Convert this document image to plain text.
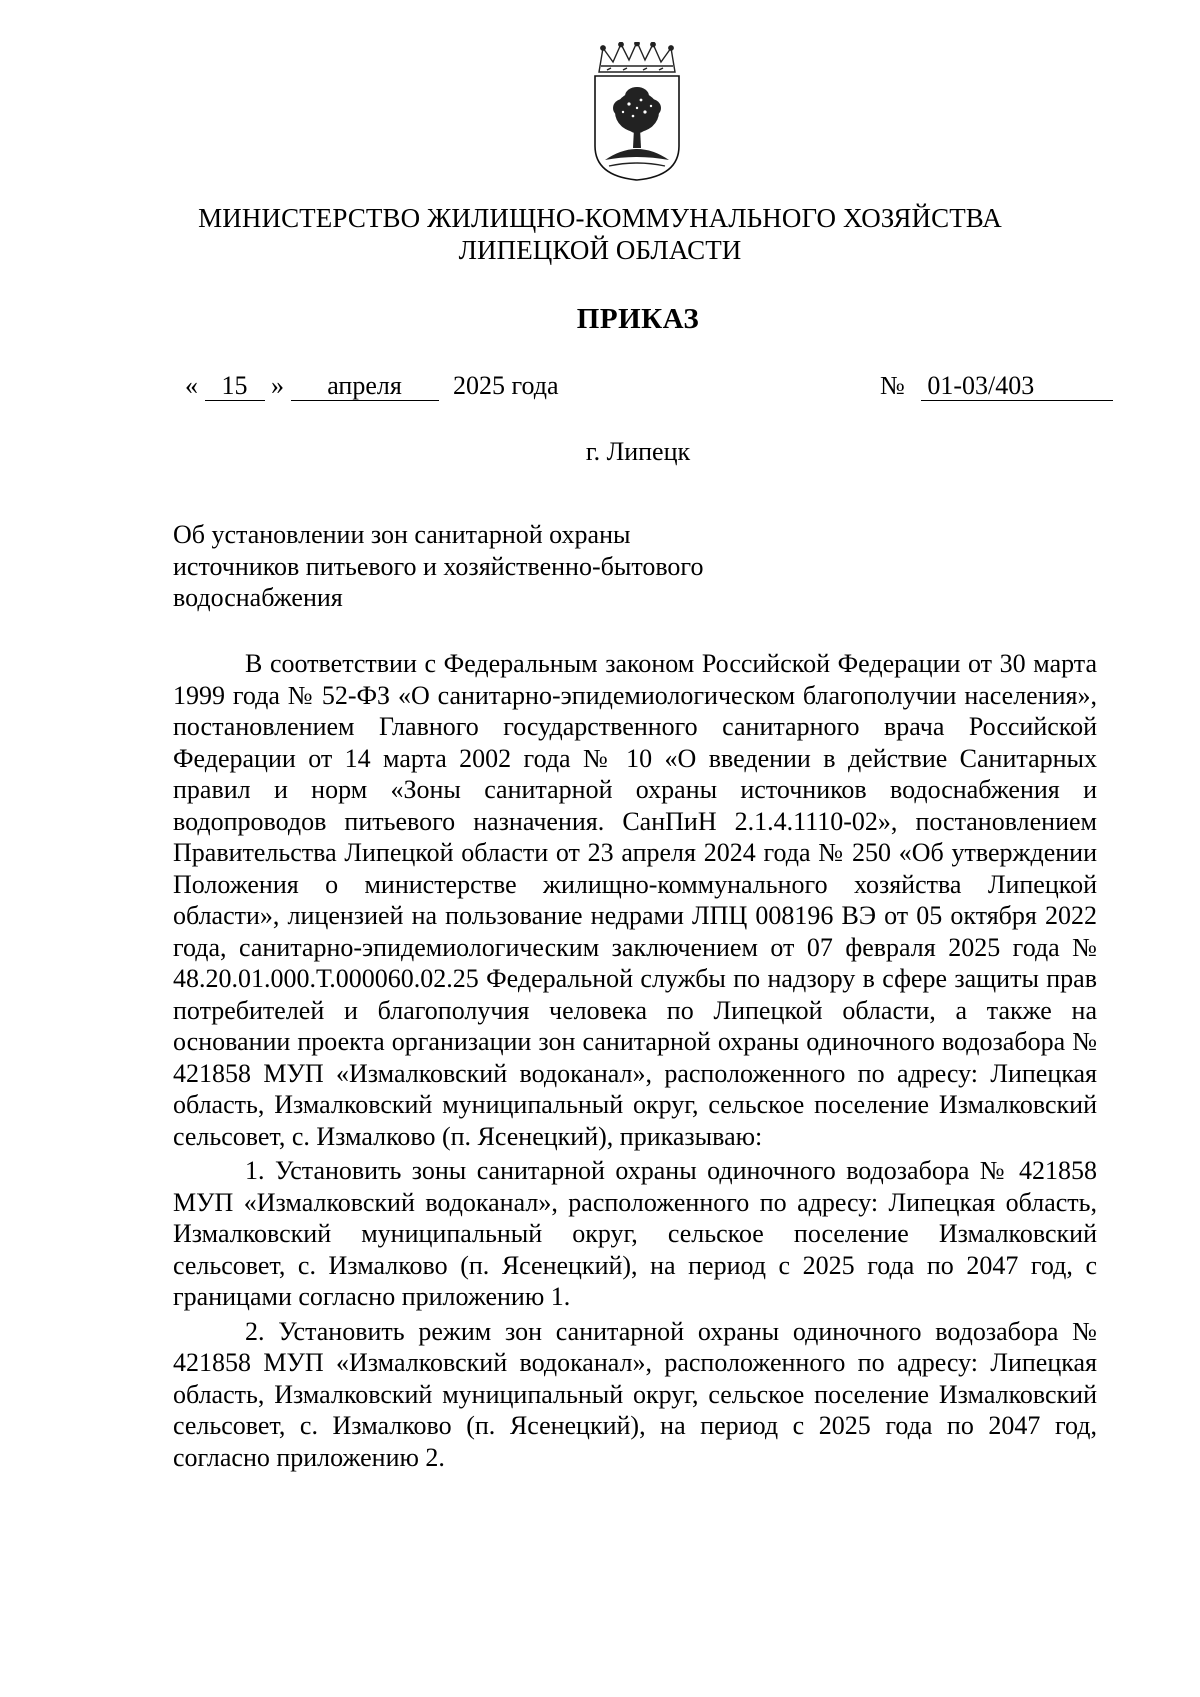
МИНИСТЕРСТВО ЖИЛИЩНО-КОММУНАЛЬНОГО ХОЗЯЙСТВА
ЛИПЕЦКОЙ ОБЛАСТИ
ПРИКАЗ
« 15 » апреля 2025 года	№ 01-03/403
г. Липецк
Об установлении зон санитарной охраны
источников питьевого и хозяйственно-бытового
водоснабжения

В соответствии с Федеральным законом Российской Федерации от 30 марта 1999 года № 52-ФЗ «О санитарно-эпидемиологическом благополучии населения», постановлением Главного государственного санитарного врача Российской Федерации от 14 марта 2002 года № 10 «О введении в действие Санитарных правил и норм «Зоны санитарной охраны источников водоснабжения и водопроводов питьевого назначения. СанПиН 2.1.4.1110-02», постановлением Правительства Липецкой области от 23 апреля 2024 года № 250 «Об утверждении Положения о министерстве жилищно-коммунального хозяйства Липецкой области», лицензией на пользование недрами ЛПЦ 008196 ВЭ от 05 октября 2022 года, санитарно-эпидемиологическим заключением от 07 февраля 2025 года № 48.20.01.000.Т.000060.02.25 Федеральной службы по надзору в сфере защиты прав потребителей и благополучия человека по Липецкой области, а также на основании проекта организации зон санитарной охраны одиночного водозабора № 421858 МУП «Измалковский водоканал», расположенного по адресу: Липецкая область, Измалковский муниципальный округ, сельское поселение Измалковский сельсовет, с. Измалково (п. Ясенецкий), приказываю:

1. Установить зоны санитарной охраны одиночного водозабора № 421858 МУП «Измалковский водоканал», расположенного по адресу: Липецкая область, Измалковский муниципальный округ, сельское поселение Измалковский сельсовет, с. Измалково (п. Ясенецкий), на период с 2025 года по 2047 год, с границами согласно приложению 1.

2. Установить режим зон санитарной охраны одиночного водозабора № 421858 МУП «Измалковский водоканал», расположенного по адресу: Липецкая область, Измалковский муниципальный округ, сельское поселение Измалковский сельсовет, с. Измалково (п. Ясенецкий), на период с 2025 года по 2047 год, согласно приложению 2.
